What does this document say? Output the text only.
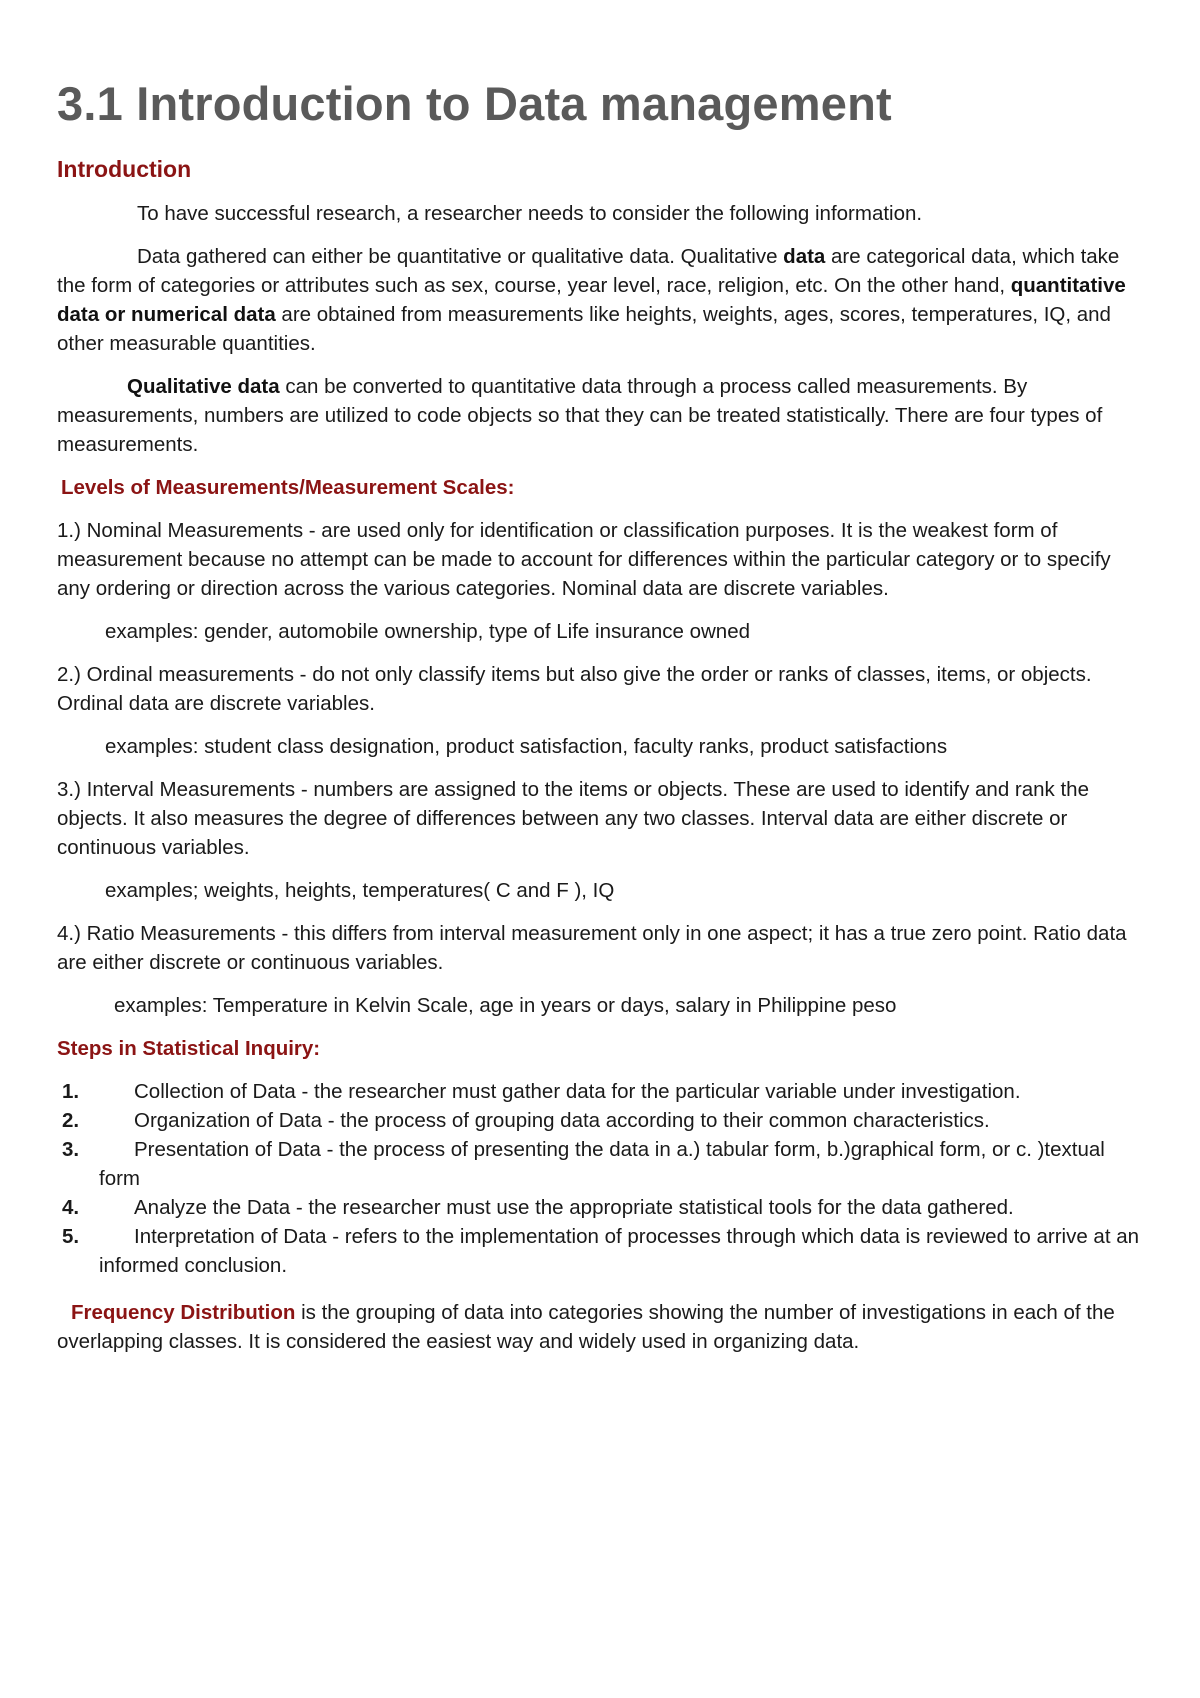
3.1 Introduction to Data management
Introduction

To have successful research, a researcher needs to consider the following information.

Data gathered can either be quantitative or qualitative data. Qualitative data are categorical data, which take the form of categories or attributes such as sex, course, year level, race, religion, etc. On the other hand, quantitative data or numerical data are obtained from measurements like heights, weights, ages, scores, temperatures, IQ, and other measurable quantities.

Qualitative data can be converted to quantitative data through a process called measurements. By measurements, numbers are utilized to code objects so that they can be treated statistically. There are four types of measurements.

Levels of Measurements/Measurement Scales:

1.) Nominal Measurements - are used only for identification or classification purposes. It is the weakest form of measurement because no attempt can be made to account for differences within the particular category or to specify any ordering or direction across the various categories. Nominal data are discrete variables.

examples: gender, automobile ownership, type of Life insurance owned

2.) Ordinal measurements - do not only classify items but also give the order or ranks of classes, items, or objects. Ordinal data are discrete variables.

examples: student class designation, product satisfaction, faculty ranks, product satisfactions

3.) Interval Measurements - numbers are assigned to the items or objects. These are used to identify and rank the objects. It also measures the degree of differences between any two classes. Interval data are either discrete or continuous variables.

examples; weights, heights, temperatures( C and F ), IQ

4.) Ratio Measurements - this differs from interval measurement only in one aspect; it has a true zero point. Ratio data are either discrete or continuous variables.

examples: Temperature in Kelvin Scale, age in years or days, salary in Philippine peso

Steps in Statistical Inquiry:
1.	Collection of Data - the researcher must gather data for the particular variable under investigation.
2.	Organization of Data - the process of grouping data according to their common characteristics.
3.	Presentation of Data - the process of presenting the data in a.) tabular form, b.)graphical form, or c. )textual form
4.	Analyze the Data - the researcher must use the appropriate statistical tools for the data gathered.
5.	Interpretation of Data - refers to the implementation of processes through which data is reviewed to arrive at an informed conclusion.

Frequency Distribution is the grouping of data into categories showing the number of investigations in each of the overlapping classes. It is considered the easiest way and widely used in organizing data.
